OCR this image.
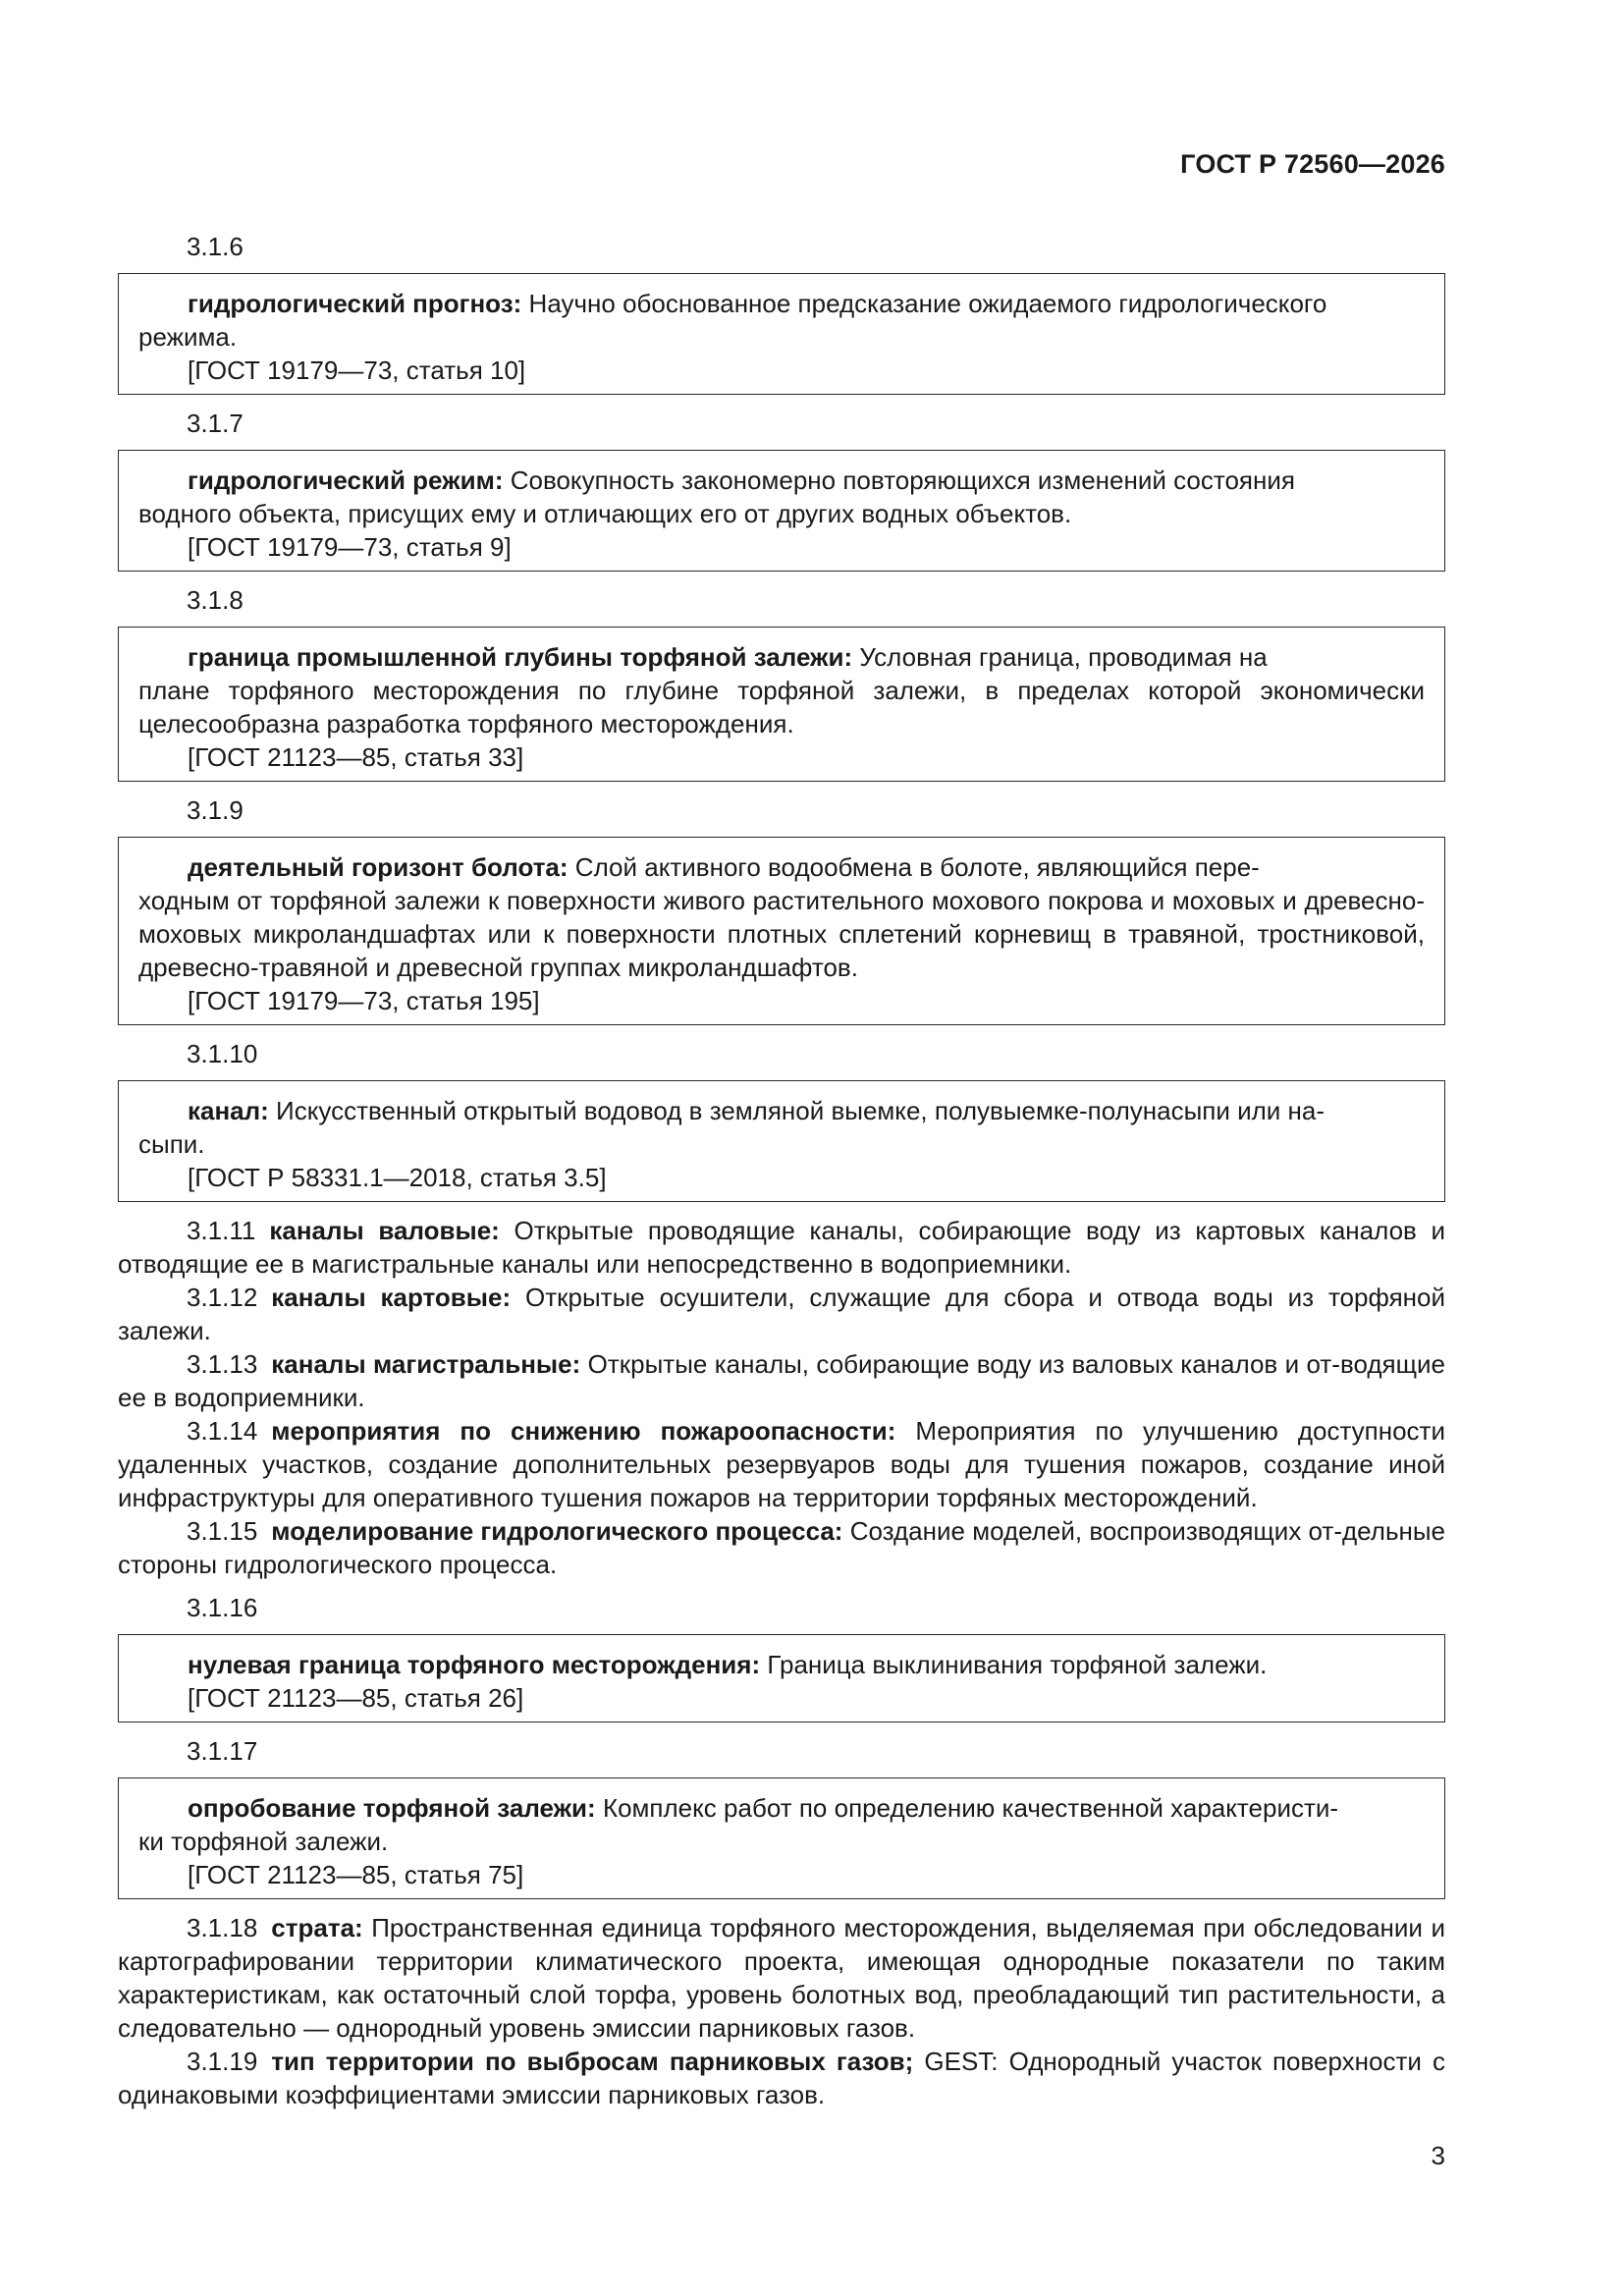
ГОСТ Р 72560—2026
3.1.6

гидрологический прогноз: Научно обоснованное предсказание ожидаемого гидрологического

режима.

[ГОСТ 19179—73, статья 10]

3.1.7

гидрологический режим: Совокупность закономерно повторяющихся изменений состояния

водного объекта, присущих ему и отличающих его от других водных объектов.

[ГОСТ 19179—73, статья 9]

3.1.8

граница промышленной глубины торфяной залежи: Условная граница, проводимая на

плане торфяного месторождения по глубине торфяной залежи, в пределах которой экономически целесообразна разработка торфяного месторождения.

[ГОСТ 21123—85, статья 33]

3.1.9

деятельный горизонт болота: Слой активного водообмена в болоте, являющийся пере-

ходным от торфяной залежи к поверхности живого растительного мохового покрова и моховых и древесно-моховых микроландшафтах или к поверхности плотных сплетений корневищ в травяной, тростниковой, древесно-травяной и древесной группах микроландшафтов.

[ГОСТ 19179—73, статья 195]

3.1.10

канал: Искусственный открытый водовод в земляной выемке, полувыемке-полунасыпи или на-

сыпи.

[ГОСТ Р 58331.1—2018, статья 3.5]

3.1.11 каналы валовые: Открытые проводящие каналы, собирающие воду из картовых каналов и отводящие ее в магистральные каналы или непосредственно в водоприемники.

3.1.12 каналы картовые: Открытые осушители, служащие для сбора и отвода воды из торфяной залежи.

3.1.13 каналы магистральные: Открытые каналы, собирающие воду из валовых каналов и от-водящие ее в водоприемники.

3.1.14 мероприятия по снижению пожароопасности: Мероприятия по улучшению доступности удаленных участков, создание дополнительных резервуаров воды для тушения пожаров, создание иной инфраструктуры для оперативного тушения пожаров на территории торфяных месторождений.

3.1.15 моделирование гидрологического процесса: Создание моделей, воспроизводящих от-дельные стороны гидрологического процесса.

3.1.16

нулевая граница торфяного месторождения: Граница выклинивания торфяной залежи.

[ГОСТ 21123—85, статья 26]

3.1.17

опробование торфяной залежи: Комплекс работ по определению качественной характеристи-

ки торфяной залежи.

[ГОСТ 21123—85, статья 75]

3.1.18 страта: Пространственная единица торфяного месторождения, выделяемая при обследовании и картографировании территории климатического проекта, имеющая однородные показатели по таким характеристикам, как остаточный слой торфа, уровень болотных вод, преобладающий тип растительности, а следовательно — однородный уровень эмиссии парниковых газов.

3.1.19 тип территории по выбросам парниковых газов; GEST: Однородный участок поверхности с одинаковыми коэффициентами эмиссии парниковых газов.

3
